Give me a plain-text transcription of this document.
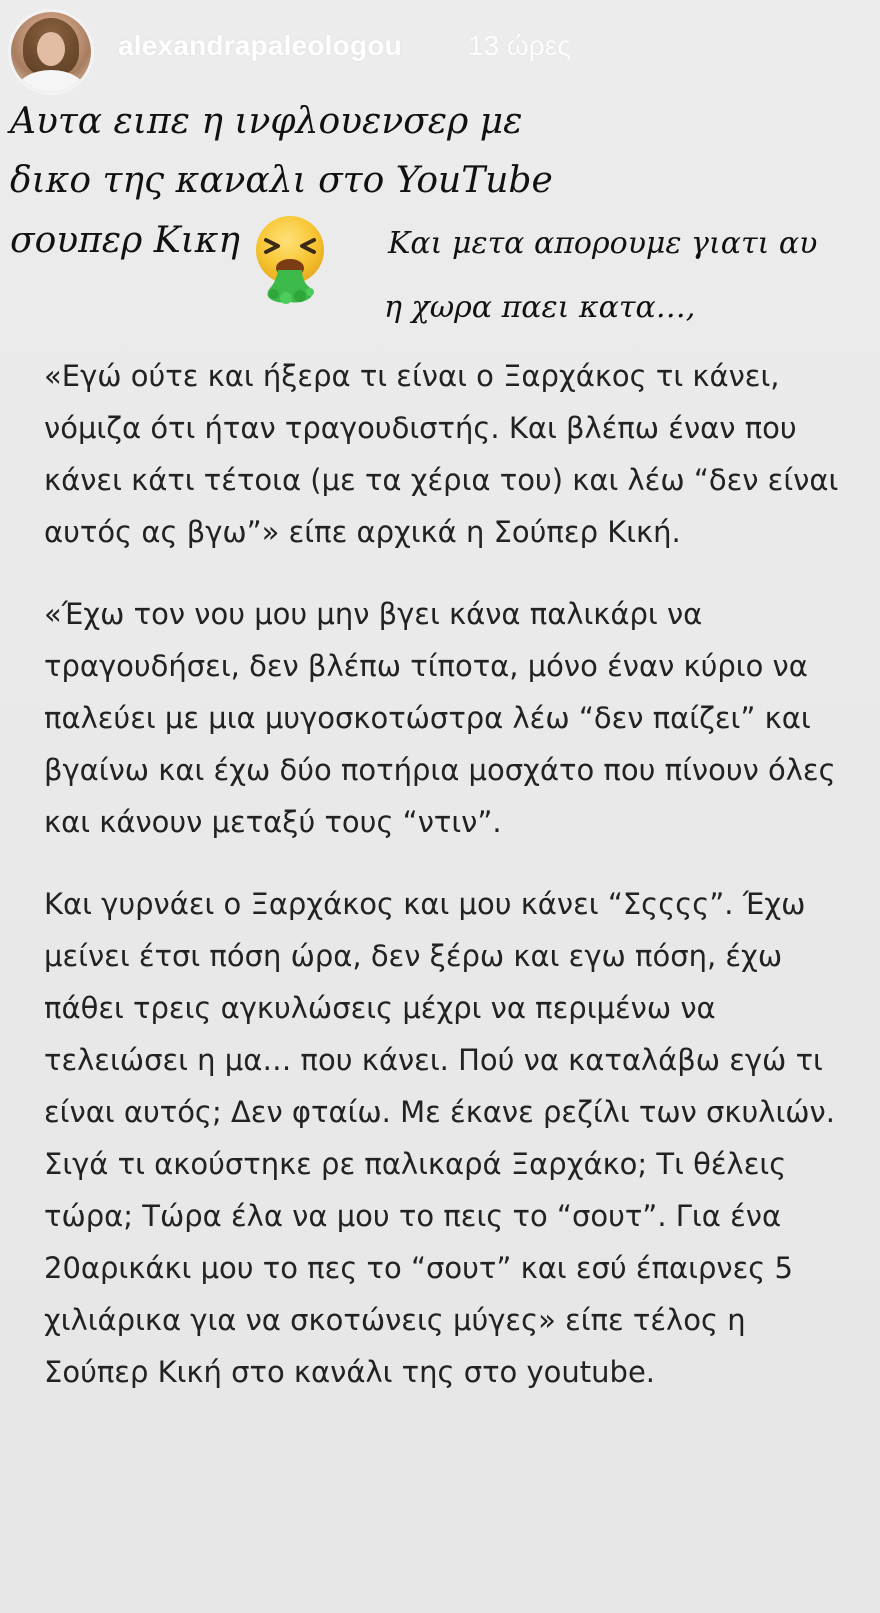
alexandrapaleologou 13 ώρες
Αυτα ειπε η ινφλουενσερ με
δικο της καναλι στο YouTube
σουπερ Κικη	Και μετα απορουμε γιατι αυ
η χωρα παει κατα…,

«Εγώ ούτε και ήξερα τι είναι ο Ξαρχάκος τι κάνει, νόμιζα ότι ήταν τραγουδιστής. Και βλέπω έναν που κάνει κάτι τέτοια (με τα χέρια του) και λέω “δεν είναι αυτός ας βγω”» είπε αρχικά η Σούπερ Κική.

«Έχω τον νου μου μην βγει κάνα παλικάρι να τραγουδήσει, δεν βλέπω τίποτα, μόνο έναν κύριο να παλεύει με μια μυγοσκοτώστρα λέω “δεν παίζει” και βγαίνω και έχω δύο ποτήρια μοσχάτο που πίνουν όλες και κάνουν μεταξύ τους “ντιν”.

Και γυρνάει ο Ξαρχάκος και μου κάνει “Σςςςς”. Έχω μείνει έτσι πόση ώρα, δεν ξέρω και εγω πόση, έχω πάθει τρεις αγκυλώσεις μέχρι να περιμένω να τελειώσει η μα… που κάνει. Πού να καταλάβω εγώ τι είναι αυτός; Δεν φταίω. Με έκανε ρεζίλι των σκυλιών. Σιγά τι ακούστηκε ρε παλικαρά Ξαρχάκο; Τι θέλεις τώρα; Τώρα έλα να μου το πεις το “σουτ”. Για ένα 20αρικάκι μου το πες το “σουτ” και εσύ έπαιρνες 5 χιλιάρικα για να σκοτώνεις μύγες» είπε τέλος η Σούπερ Κική στο κανάλι της στο youtube.
